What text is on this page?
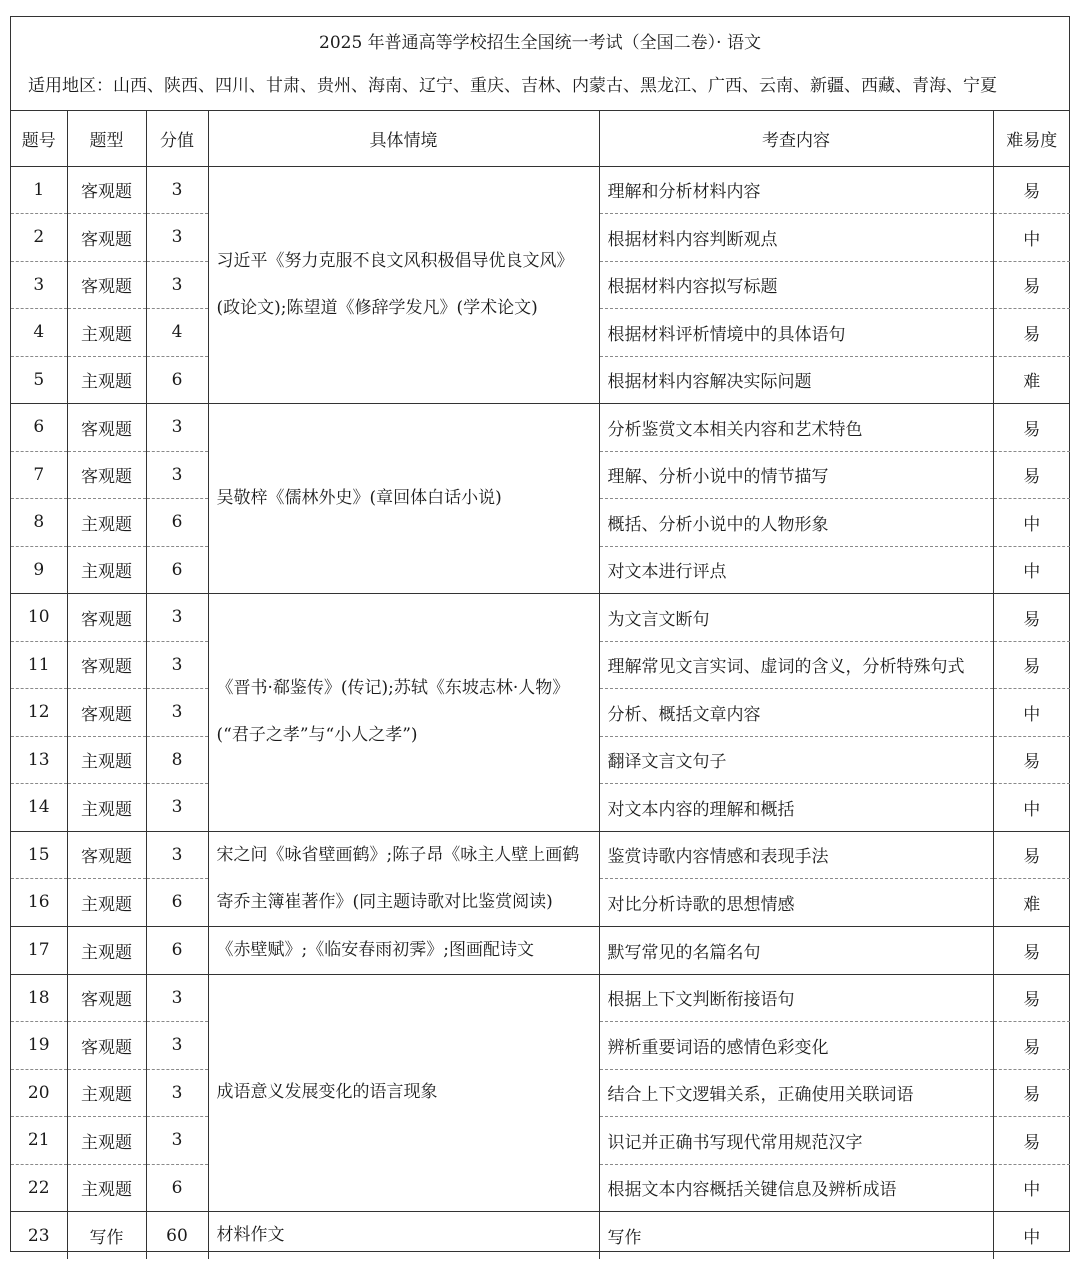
2025 年普通高等学校招生全国统一考试（全国二卷）· 语文
适用地区：山西、陕西、四川、甘肃、贵州、海南、辽宁、重庆、吉林、内蒙古、黑龙江、广西、云南、新疆、西藏、青海、宁夏
题号	题型	分值	具体情境	考查内容	难易度
1	客观题	3	习近平《努力克服不良文风积极倡导优良文风》(政论文);陈望道《修辞学发凡》(学术论文)	理解和分析材料内容	易
2	客观题	3		根据材料内容判断观点	中
3	客观题	3		根据材料内容拟写标题	易
4	主观题	4		根据材料评析情境中的具体语句	易
5	主观题	6		根据材料内容解决实际问题	难
6	客观题	3	吴敬梓《儒林外史》(章回体白话小说)	分析鉴赏文本相关内容和艺术特色	易
7	客观题	3		理解、分析小说中的情节描写	易
8	主观题	6		概括、分析小说中的人物形象	中
9	主观题	6		对文本进行评点	中
10	客观题	3	《晋书·郗鉴传》(传记);苏轼《东坡志林·人物》(“君子之孝”与“小人之孝”)	为文言文断句	易
11	客观题	3		理解常见文言实词、虚词的含义，分析特殊句式	易
12	客观题	3		分析、概括文章内容	中
13	主观题	8		翻译文言文句子	易
14	主观题	3		对文本内容的理解和概括	中
15	客观题	3	宋之问《咏省壁画鹤》;陈子昂《咏主人壁上画鹤寄乔主簿崔著作》(同主题诗歌对比鉴赏阅读)	鉴赏诗歌内容情感和表现手法	易
16	主观题	6		对比分析诗歌的思想情感	难
17	主观题	6	《赤壁赋》;《临安春雨初霁》;图画配诗文	默写常见的名篇名句	易
18	客观题	3	成语意义发展变化的语言现象	根据上下文判断衔接语句	易
19	客观题	3		辨析重要词语的感情色彩变化	易
20	主观题	3		结合上下文逻辑关系，正确使用关联词语	易
21	主观题	3		识记并正确书写现代常用规范汉字	易
22	主观题	6		根据文本内容概括关键信息及辨析成语	中
23	写作	60	材料作文	写作	中
